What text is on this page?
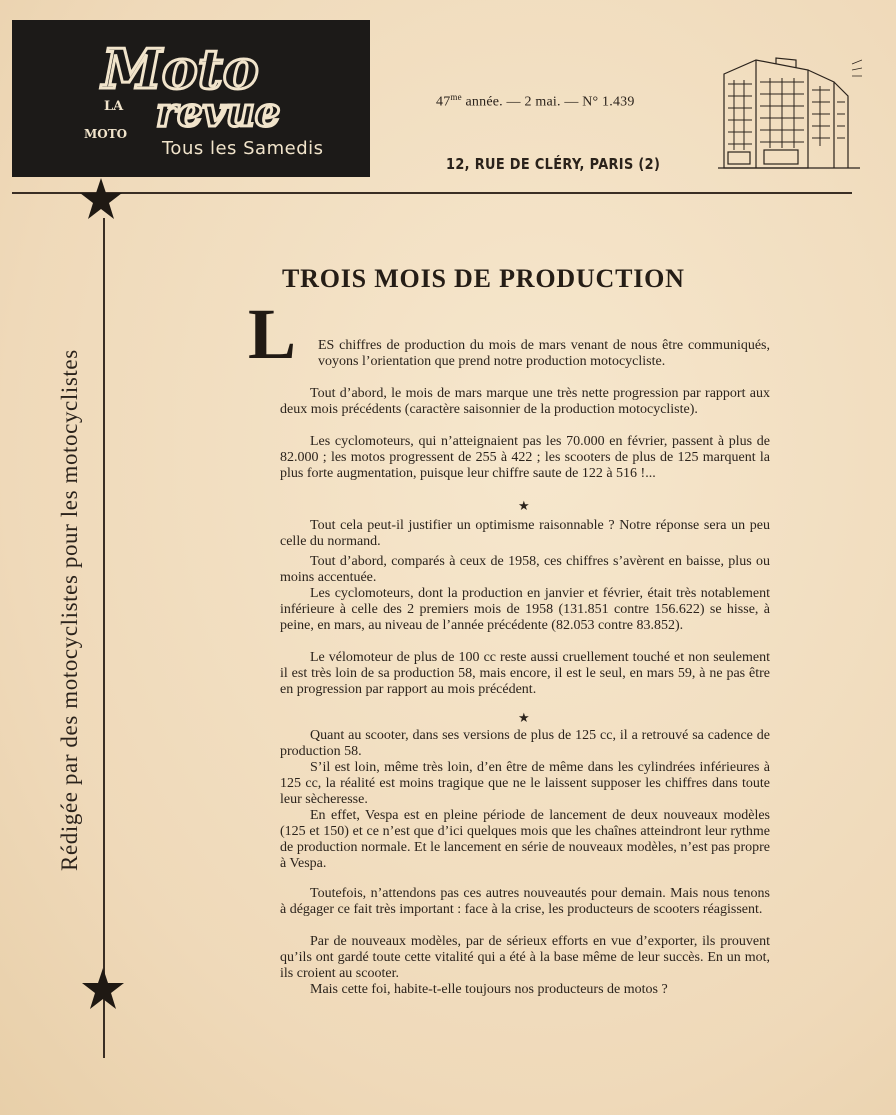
Moto
LA
MOTO revue
Tous les Samedis
$47^{me}$ année. — 2 mai. — N° 1.439
12, RUE DE CLÉRY, PARIS (2)
Rédigée par des motocyclistes pour les motocyclistes
TROIS MOIS DE PRODUCTION
L ES chiffres de production du mois de mars venant de nous être communiqués, voyons l’orientation que prend notre production motocycliste.
Tout d’abord, le mois de mars marque une très nette progression par rapport aux deux mois précédents (caractère saisonnier de la production motocycliste).
Les cyclomoteurs, qui n’atteignaient pas les 70.000 en février, passent à plus de 82.000 ; les motos progressent de 255 à 422 ; les scooters de plus de 125 marquent la plus forte augmentation, puisque leur chiffre saute de 122 à 516 !...
★
Tout cela peut-il justifier un optimisme raisonnable ? Notre réponse sera un peu celle du normand.
Tout d’abord, comparés à ceux de 1958, ces chiffres s’avèrent en baisse, plus ou moins accentuée.
Les cyclomoteurs, dont la production en janvier et février, était très notablement inférieure à celle des 2 premiers mois de 1958 (131.851 contre 156.622) se hisse, à peine, en mars, au niveau de l’année précédente (82.053 contre 83.852).
Le vélomoteur de plus de 100 cc reste aussi cruellement touché et non seulement il est très loin de sa production 58, mais encore, il est le seul, en mars 59, à ne pas être en progression par rapport au mois précédent.
★
Quant au scooter, dans ses versions de plus de 125 cc, il a retrouvé sa cadence de production 58.
S’il est loin, même très loin, d’en être de même dans les cylindrées inférieures à 125 cc, la réalité est moins tragique que ne le laissent supposer les chiffres dans toute leur sècheresse.
En effet, Vespa est en pleine période de lancement de deux nouveaux modèles (125 et 150) et ce n’est que d’ici quelques mois que les chaînes atteindront leur rythme de production normale. Et le lancement en série de nouveaux modèles, n’est pas propre à Vespa.
Toutefois, n’attendons pas ces autres nouveautés pour demain. Mais nous tenons à dégager ce fait très important : face à la crise, les producteurs de scooters réagissent.
Par de nouveaux modèles, par de sérieux efforts en vue d’exporter, ils prouvent qu’ils ont gardé toute cette vitalité qui a été à la base même de leur succès. En un mot, ils croient au scooter.
Mais cette foi, habite-t-elle toujours nos producteurs de motos ?
